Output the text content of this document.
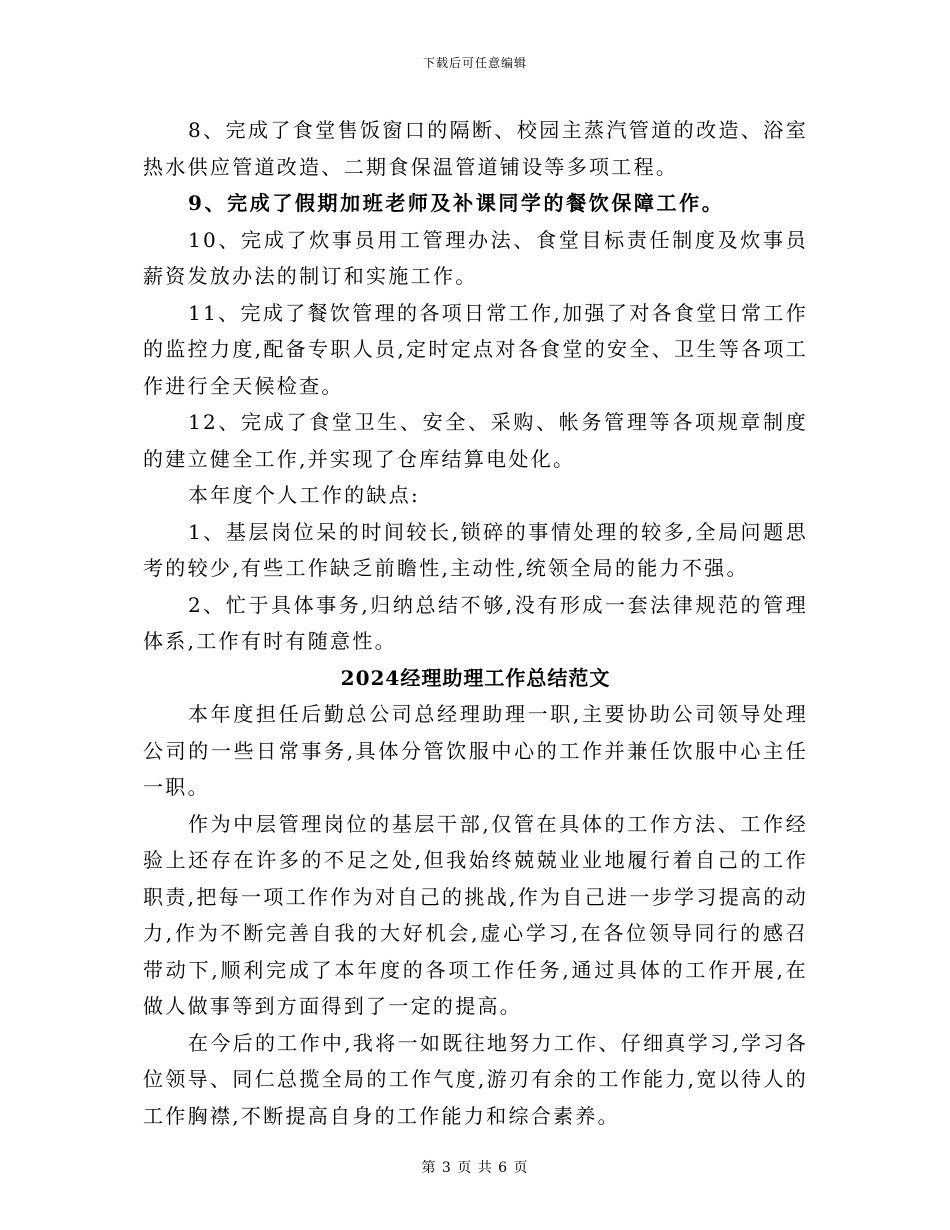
下载后可任意编辑

8、完成了食堂售饭窗口的隔断、校园主蒸汽管道的改造、浴室热水供应管道改造、二期食保温管道铺设等多项工程。

9、完成了假期加班老师及补课同学的餐饮保障工作。

10、完成了炊事员用工管理办法、食堂目标责任制度及炊事员薪资发放办法的制订和实施工作。

11、完成了餐饮管理的各项日常工作,加强了对各食堂日常工作的监控力度,配备专职人员,定时定点对各食堂的安全、卫生等各项工作进行全天候检查。

12、完成了食堂卫生、安全、采购、帐务管理等各项规章制度的建立健全工作,并实现了仓库结算电处化。

本年度个人工作的缺点:

1、基层岗位呆的时间较长,锁碎的事情处理的较多,全局问题思考的较少,有些工作缺乏前瞻性,主动性,统领全局的能力不强。

2、忙于具体事务,归纳总结不够,没有形成一套法律规范的管理体系,工作有时有随意性。

2024经理助理工作总结范文

本年度担任后勤总公司总经理助理一职,主要协助公司领导处理公司的一些日常事务,具体分管饮服中心的工作并兼任饮服中心主任一职。

作为中层管理岗位的基层干部,仅管在具体的工作方法、工作经验上还存在许多的不足之处,但我始终兢兢业业地履行着自己的工作职责,把每一项工作作为对自己的挑战,作为自己进一步学习提高的动力,作为不断完善自我的大好机会,虚心学习,在各位领导同行的感召带动下,顺利完成了本年度的各项工作任务,通过具体的工作开展,在做人做事等到方面得到了一定的提高。

在今后的工作中,我将一如既往地努力工作、仔细真学习,学习各位领导、同仁总揽全局的工作气度,游刃有余的工作能力,宽以待人的工作胸襟,不断提高自身的工作能力和综合素养。

第 3 页 共 6 页
